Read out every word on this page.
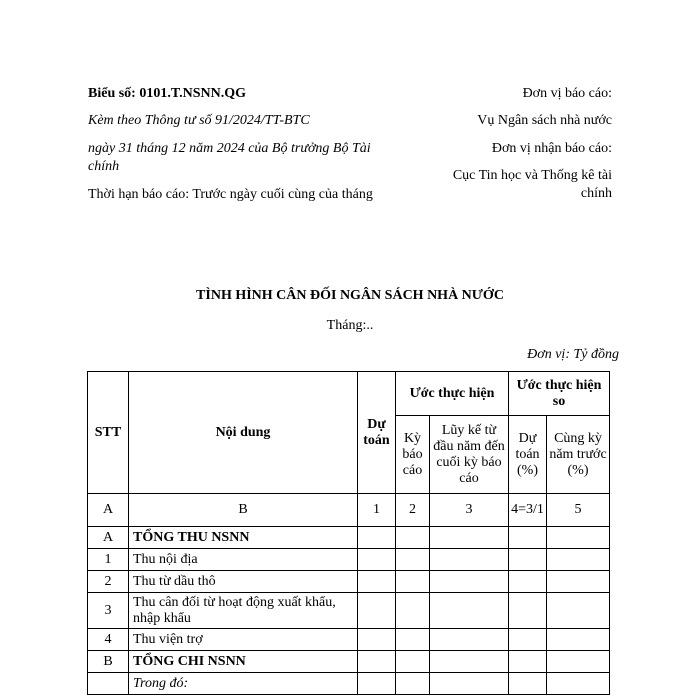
Biểu số: 0101.T.NSNN.QG
Kèm theo Thông tư số 91/2024/TT-BTC
ngày 31 tháng 12 năm 2024 của Bộ trưởng Bộ Tài chính
Thời hạn báo cáo: Trước ngày cuối cùng của tháng
Đơn vị báo cáo:
Vụ Ngân sách nhà nước
Đơn vị nhận báo cáo:
Cục Tin học và Thống kê tài chính
TÌNH HÌNH CÂN ĐỐI NGÂN SÁCH NHÀ NƯỚC
Tháng:..
Đơn vị: Tỷ đồng
STT	Nội dung	Dự toán	Ước thực hiện		Ước thực hiện so	
			Kỳ báo cáo	Lũy kế từ đầu năm đến cuối kỳ báo cáo	Dự toán (%)	Cùng kỳ năm trước (%)
A	B	1	2	3	4=3/1	5
A	TỔNG THU NSNN					
1	Thu nội địa					
2	Thu từ dầu thô					
3	Thu cân đối từ hoạt động xuất khẩu, nhập khẩu					
4	Thu viện trợ					
B	TỔNG CHI NSNN					
	Trong đó:					
